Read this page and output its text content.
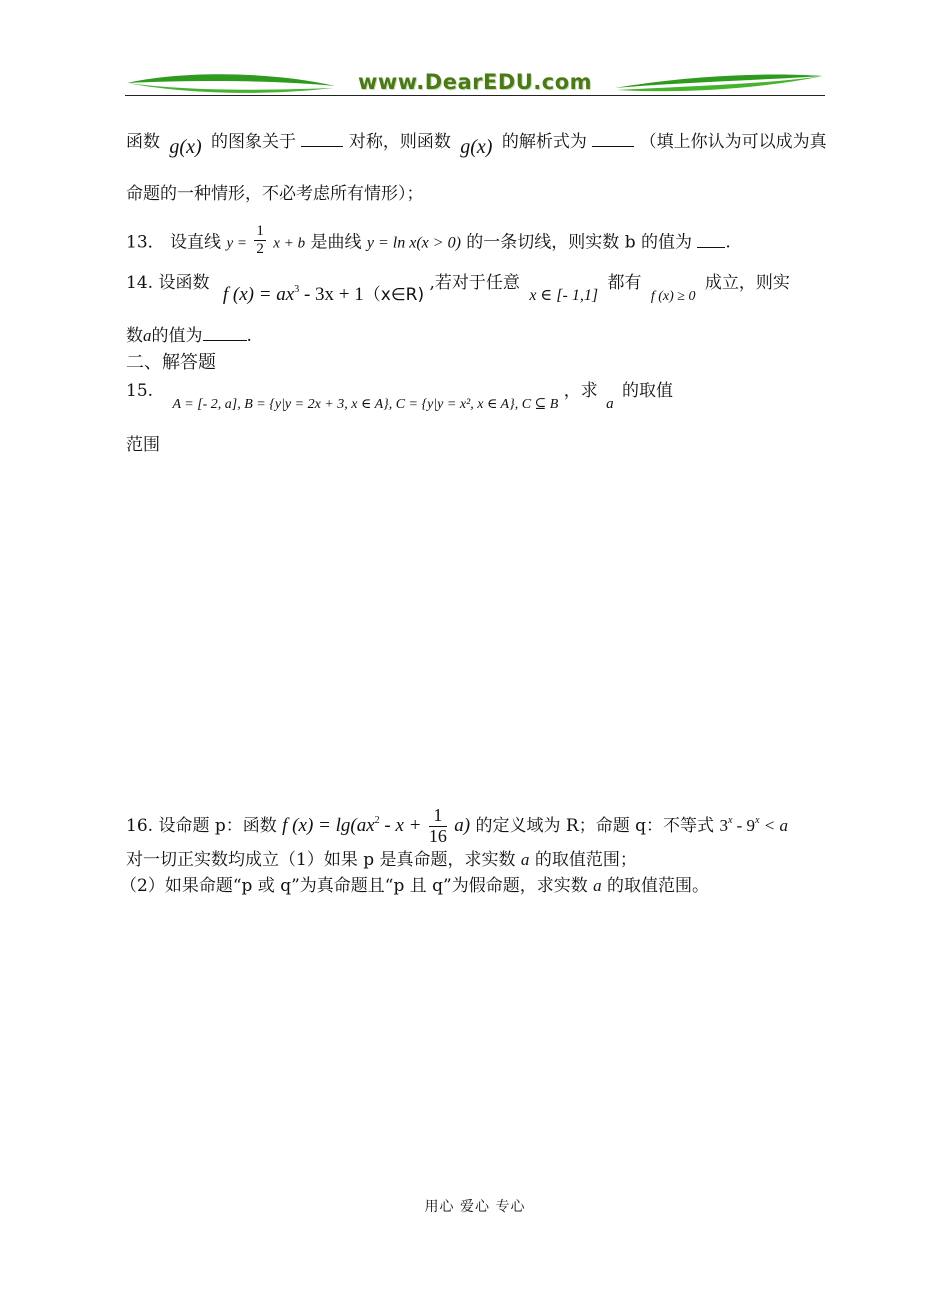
www.DearEDU.com
函数 g(x) 的图象关于	对称，则函数 g(x) 的解析式为	（填上你认为可以成为真
命题的一种情形，不必考虑所有情形）；
13． 设直线 $y = \frac{1}{2}$ x + b 是曲线 y = ln x(x > 0) 的一条切线，则实数 b 的值为 .
14. 设函数 f $(x) = ax^3 - 3x$ + 1（x∈R) ,若对于任意 x ∈ [- 1,1] 都有 $_{f (x) \ge 0}$ 成立，则实
数a的值为	.
二、解答题
15. $_{A = [- 2, a], B = \{y|y = 2x + 3, x \in A\}, C = \{y|y = x^2, x \in A\}, C ⊆ B}$ ，求 a 的取值
范围
16. 设命题 p：函数 f $(x) = \lg(ax^2 - x + \frac{1}{16} a)$ 的定义域为 R；命题 q：不等式 $3^x - 9^x < a$
对一切正实数均成立（1）如果 p 是真命题，求实数 a 的取值范围；
（2）如果命题“p 或 q”为真命题且“p 且 q”为假命题，求实数 a 的取值范围。
用心 爱心 专心
